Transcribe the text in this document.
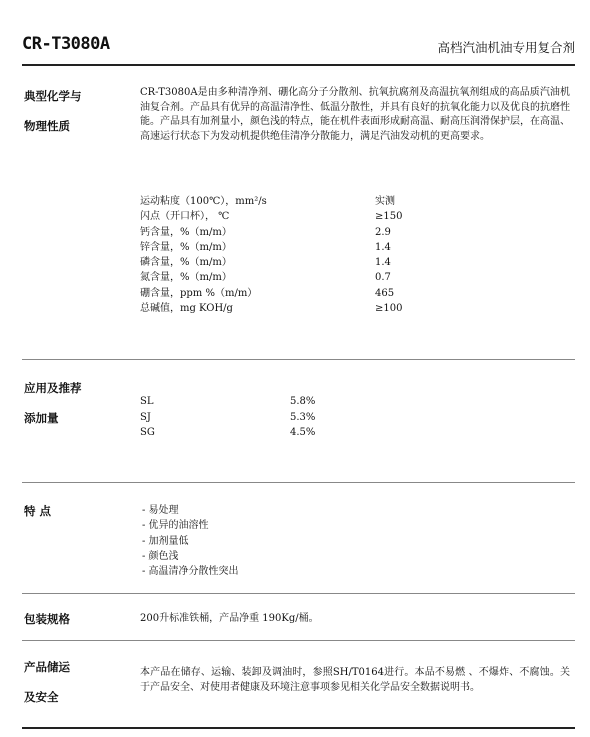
CR-T3080A	高档汽油机油专用复合剂
典型化学与
物理性质
CR-T3080A是由多种清净剂、硼化高分子分散剂、抗氧抗腐剂及高温抗氧剂组成的高品质汽油机油复合剂。产品具有优异的高温清净性、低温分散性，并具有良好的抗氧化能力以及优良的抗磨性能。产品具有加剂量小，颜色浅的特点，能在机件表面形成耐高温、耐高压润滑保护层，在高温、高速运行状态下为发动机提供绝佳清净分散能力，满足汽油发动机的更高要求。
运动粘度（100℃），mm²/s	实测
闪点（开口杯）， ℃	≥150
钙含量，%（m/m）	2.9
锌含量，%（m/m）	1.4
磷含量，%（m/m）	1.4
氮含量，%（m/m）	0.7
硼含量，ppm %（m/m）	465
总碱值，mg KOH/g	≥100
应用及推荐
添加量
SL	5.8%
SJ	5.3%
SG	4.5%
特 点	- 易处理
- 优异的油溶性
- 加剂量低
- 颜色浅
- 高温清净分散性突出
包装规格	200升标准铁桶，产品净重 190Kg/桶。
产品储运
及安全
本产品在储存、运输、装卸及调油时，参照SH/T0164进行。本品不易燃 、不爆炸、不腐蚀。关于产品安全、对使用者健康及环境注意事项参见相关化学品安全数据说明书。
